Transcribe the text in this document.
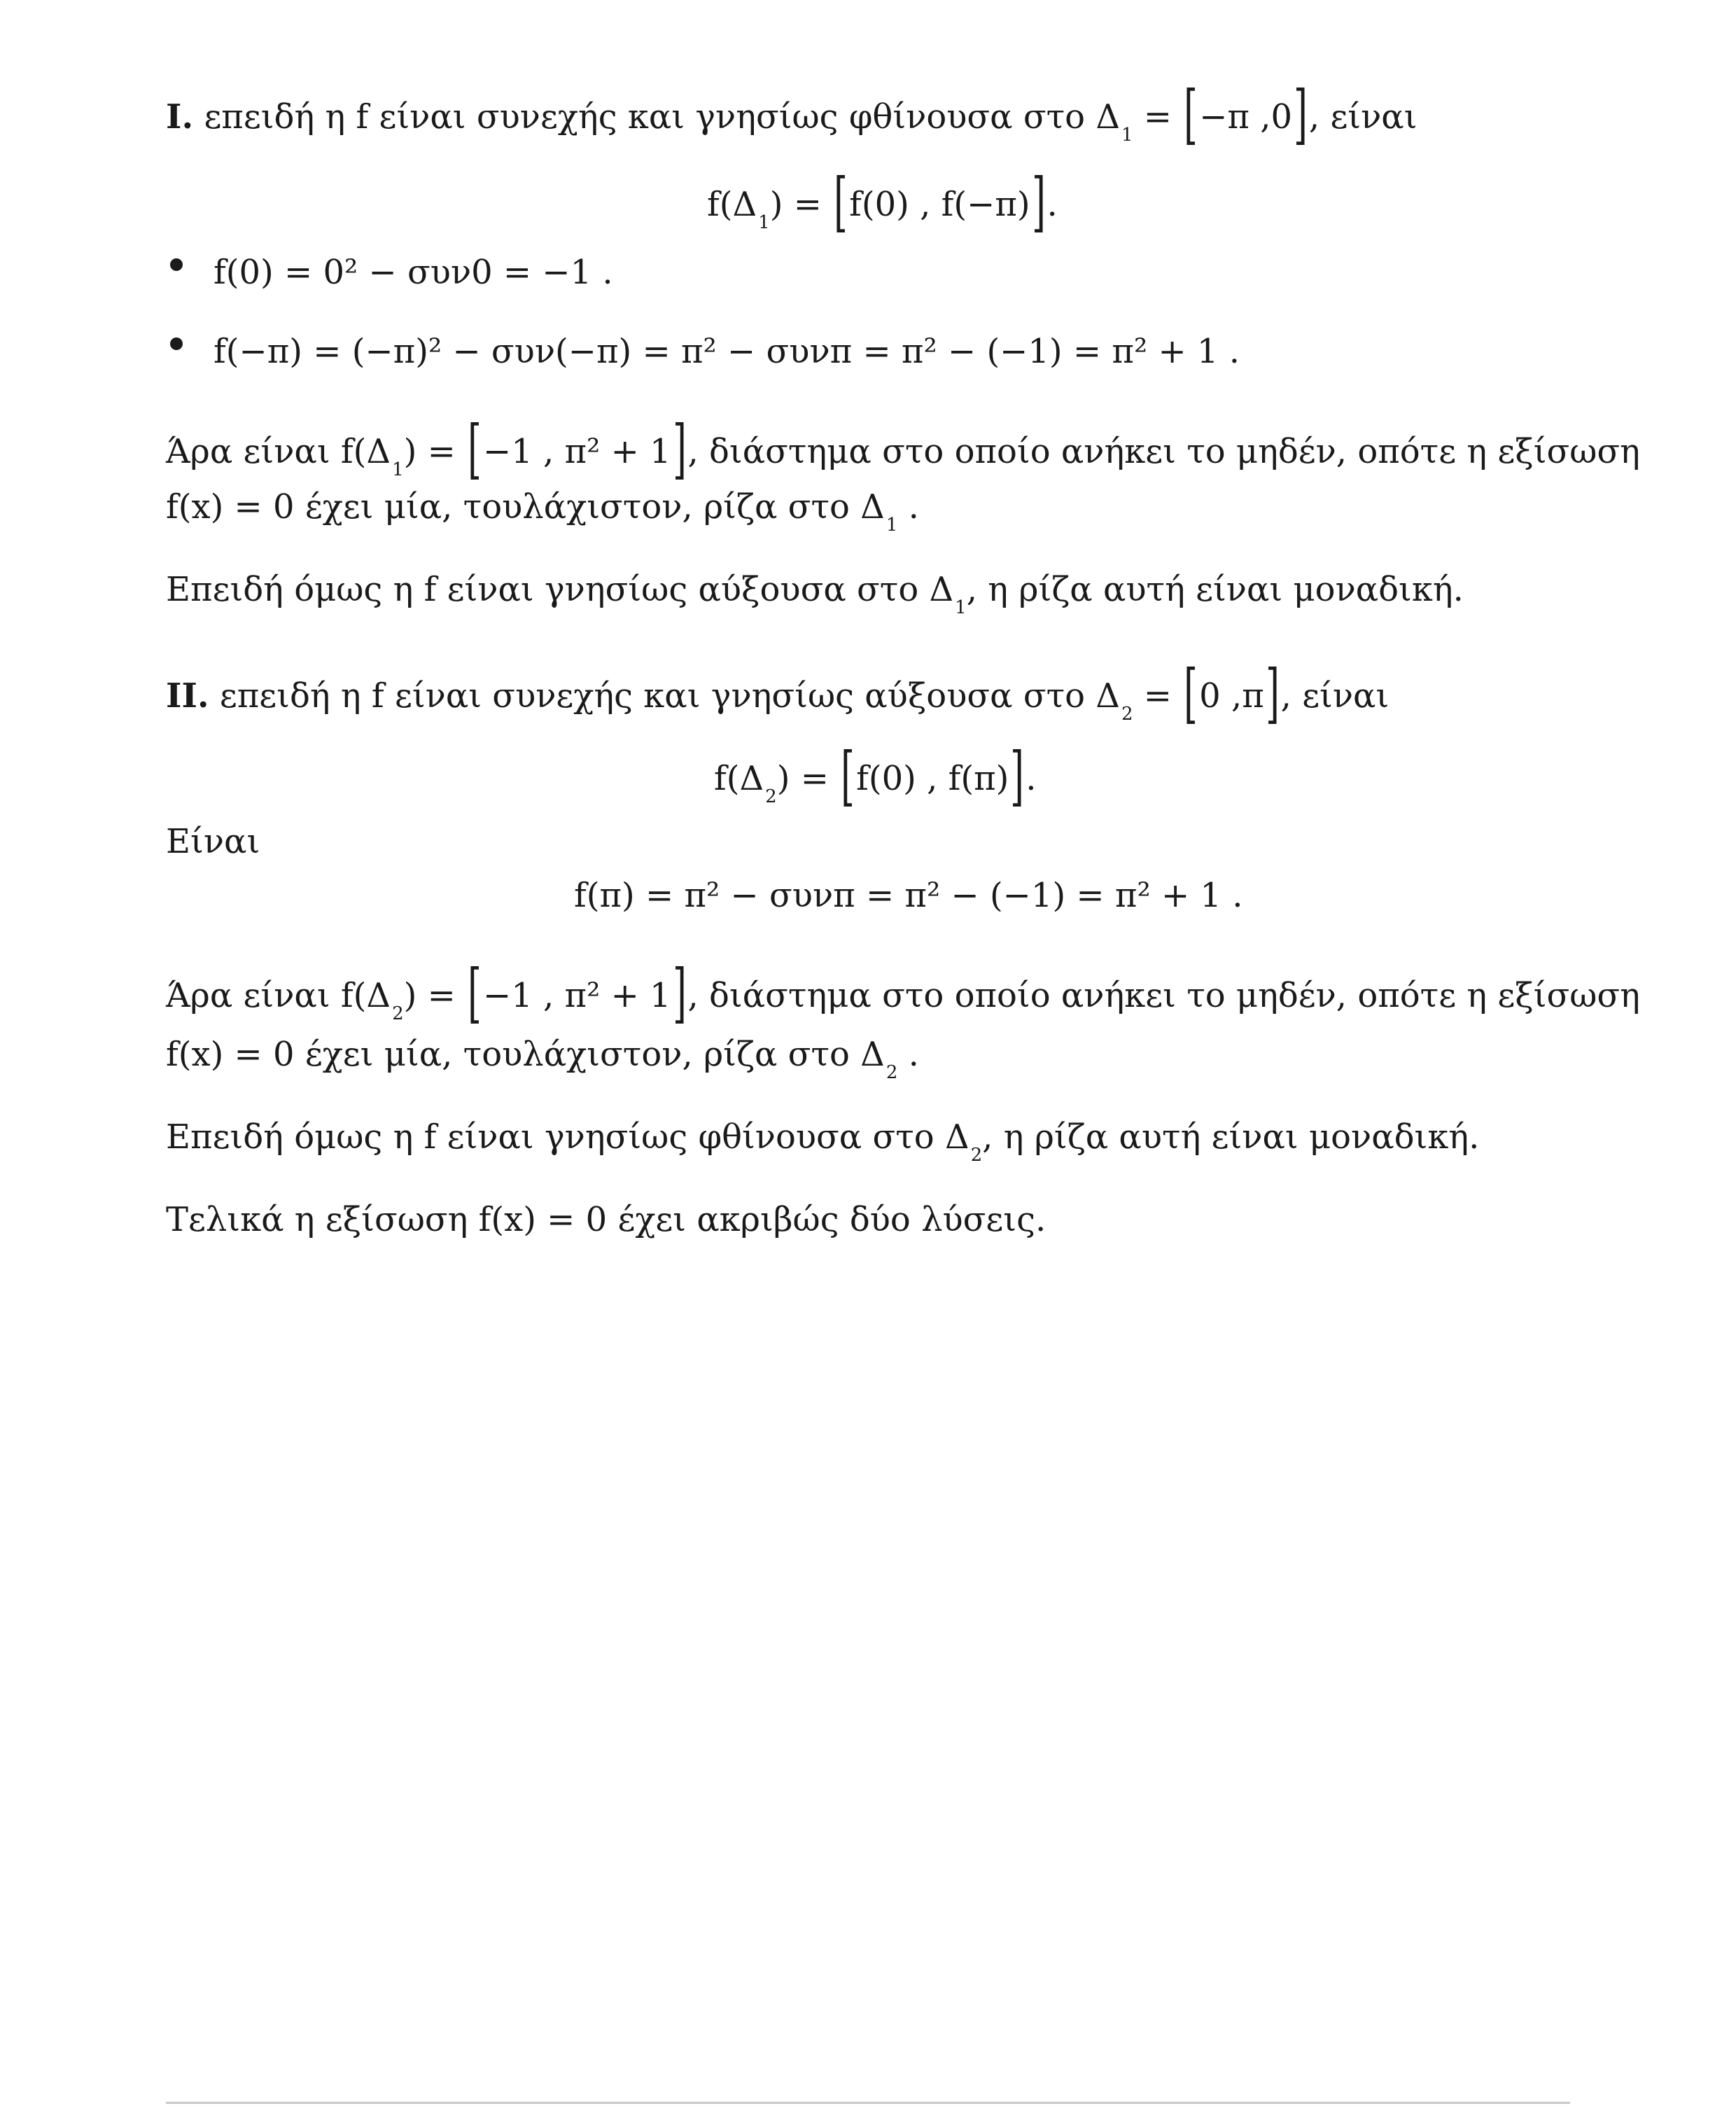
I. επειδή η f είναι συνεχής και γνησίως φθίνουσα στο $\Delta_1 = [-\pi$ ,0], είναι
$f(\Delta_1) = [f(0)$ , f(−π)].
f(0) = 0² − συν0 = −1 .
f(−π) = (−π)² − συν(−π) = π² − συνπ = π² − (−1) = π² + 1 .
Άρα είναι $f(\Delta_1) = [-1$ , π² + 1], διάστημα στο οποίο ανήκει το μηδέν, οπότε η εξίσωση
f(x) = 0 έχει μία, τουλάχιστον, ρίζα στο $\Delta_1$ .
Επειδή όμως η f είναι γνησίως αύξουσα στο $\Delta_1$, η ρίζα αυτή είναι μοναδική.
II. επειδή η f είναι συνεχής και γνησίως αύξουσα στο $\Delta_2 = [0$ ,π], είναι
$f(\Delta_2) = [f(0)$ , f(π)].
Είναι
f(π) = π² − συνπ = π² − (−1) = π² + 1 .
Άρα είναι $f(\Delta_2) = [-1$ , π² + 1], διάστημα στο οποίο ανήκει το μηδέν, οπότε η εξίσωση
f(x) = 0 έχει μία, τουλάχιστον, ρίζα στο $\Delta_2$ .
Επειδή όμως η f είναι γνησίως φθίνουσα στο $\Delta_2$, η ρίζα αυτή είναι μοναδική.
Τελικά η εξίσωση f(x) = 0 έχει ακριβώς δύο λύσεις.
